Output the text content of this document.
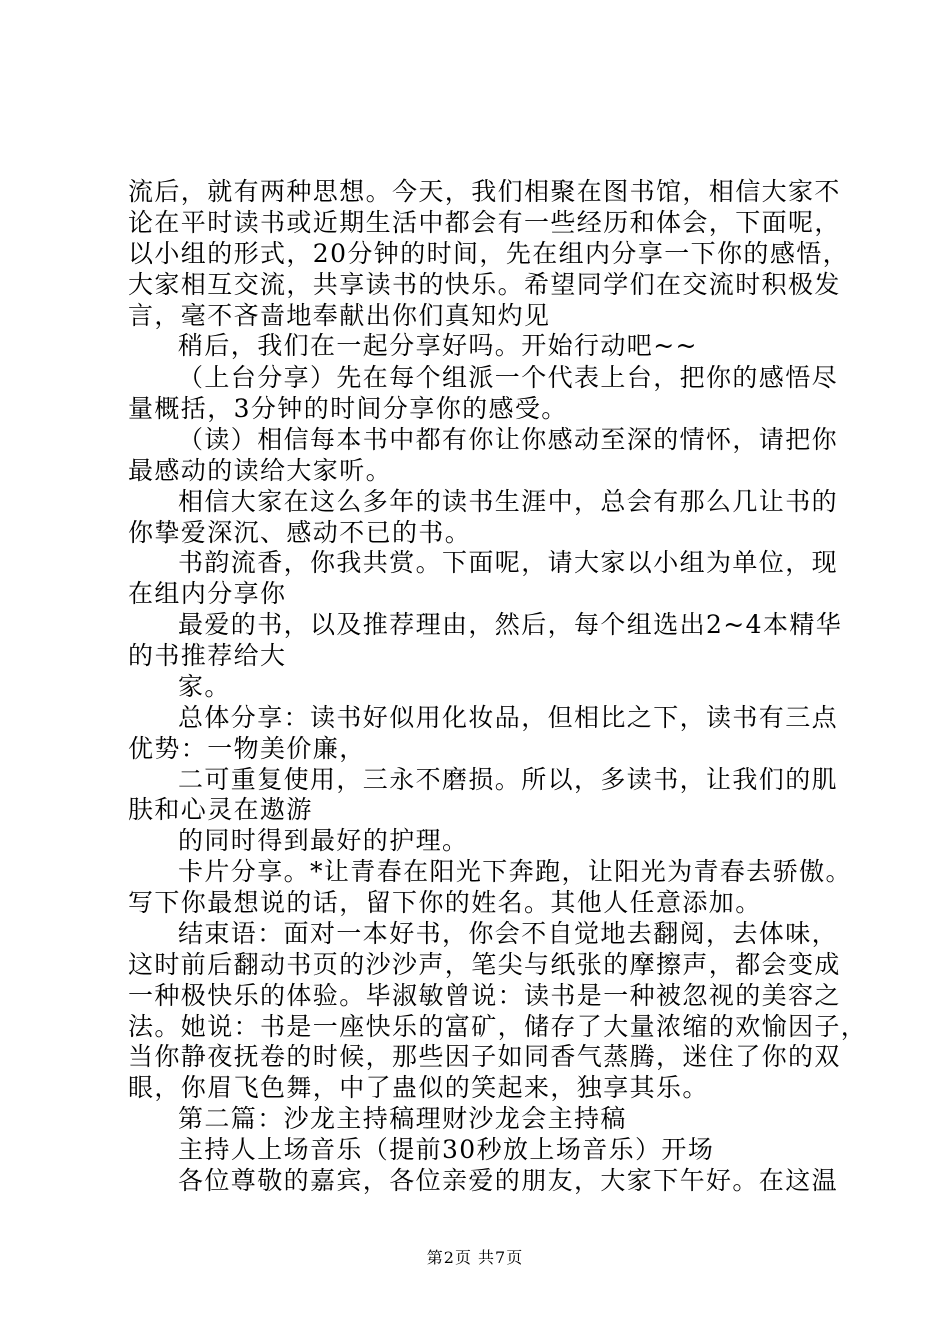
流后，就有两种思想。今天，我们相聚在图书馆，相信大家不
论在平时读书或近期生活中都会有一些经历和体会，下面呢，
以小组的形式，20分钟的时间，先在组内分享一下你的感悟，
大家相互交流，共享读书的快乐。希望同学们在交流时积极发
言，毫不吝啬地奉献出你们真知灼见
稍后，我们在一起分享好吗。开始行动吧~~
（上台分享）先在每个组派一个代表上台，把你的感悟尽
量概括，3分钟的时间分享你的感受。
（读）相信每本书中都有你让你感动至深的情怀，请把你
最感动的读给大家听。
相信大家在这么多年的读书生涯中，总会有那么几让书的
你挚爱深沉、感动不已的书。
书韵流香，你我共赏。下面呢，请大家以小组为单位，现
在组内分享你
最爱的书，以及推荐理由，然后，每个组选出2~4本精华
的书推荐给大
家。
总体分享：读书好似用化妆品，但相比之下，读书有三点
优势：一物美价廉，
二可重复使用，三永不磨损。所以，多读书，让我们的肌
肤和心灵在遨游
的同时得到最好的护理。
卡片分享。*让青春在阳光下奔跑，让阳光为青春去骄傲。
写下你最想说的话，留下你的姓名。其他人任意添加。
结束语：面对一本好书，你会不自觉地去翻阅，去体味，
这时前后翻动书页的沙沙声，笔尖与纸张的摩擦声，都会变成
一种极快乐的体验。毕淑敏曾说：读书是一种被忽视的美容之
法。她说：书是一座快乐的富矿，储存了大量浓缩的欢愉因子，
当你静夜抚卷的时候，那些因子如同香气蒸腾，迷住了你的双
眼，你眉飞色舞，中了蛊似的笑起来，独享其乐。
第二篇：沙龙主持稿理财沙龙会主持稿
主持人上场音乐（提前30秒放上场音乐）开场
各位尊敬的嘉宾，各位亲爱的朋友，大家下午好。在这温
第2页 共7页
